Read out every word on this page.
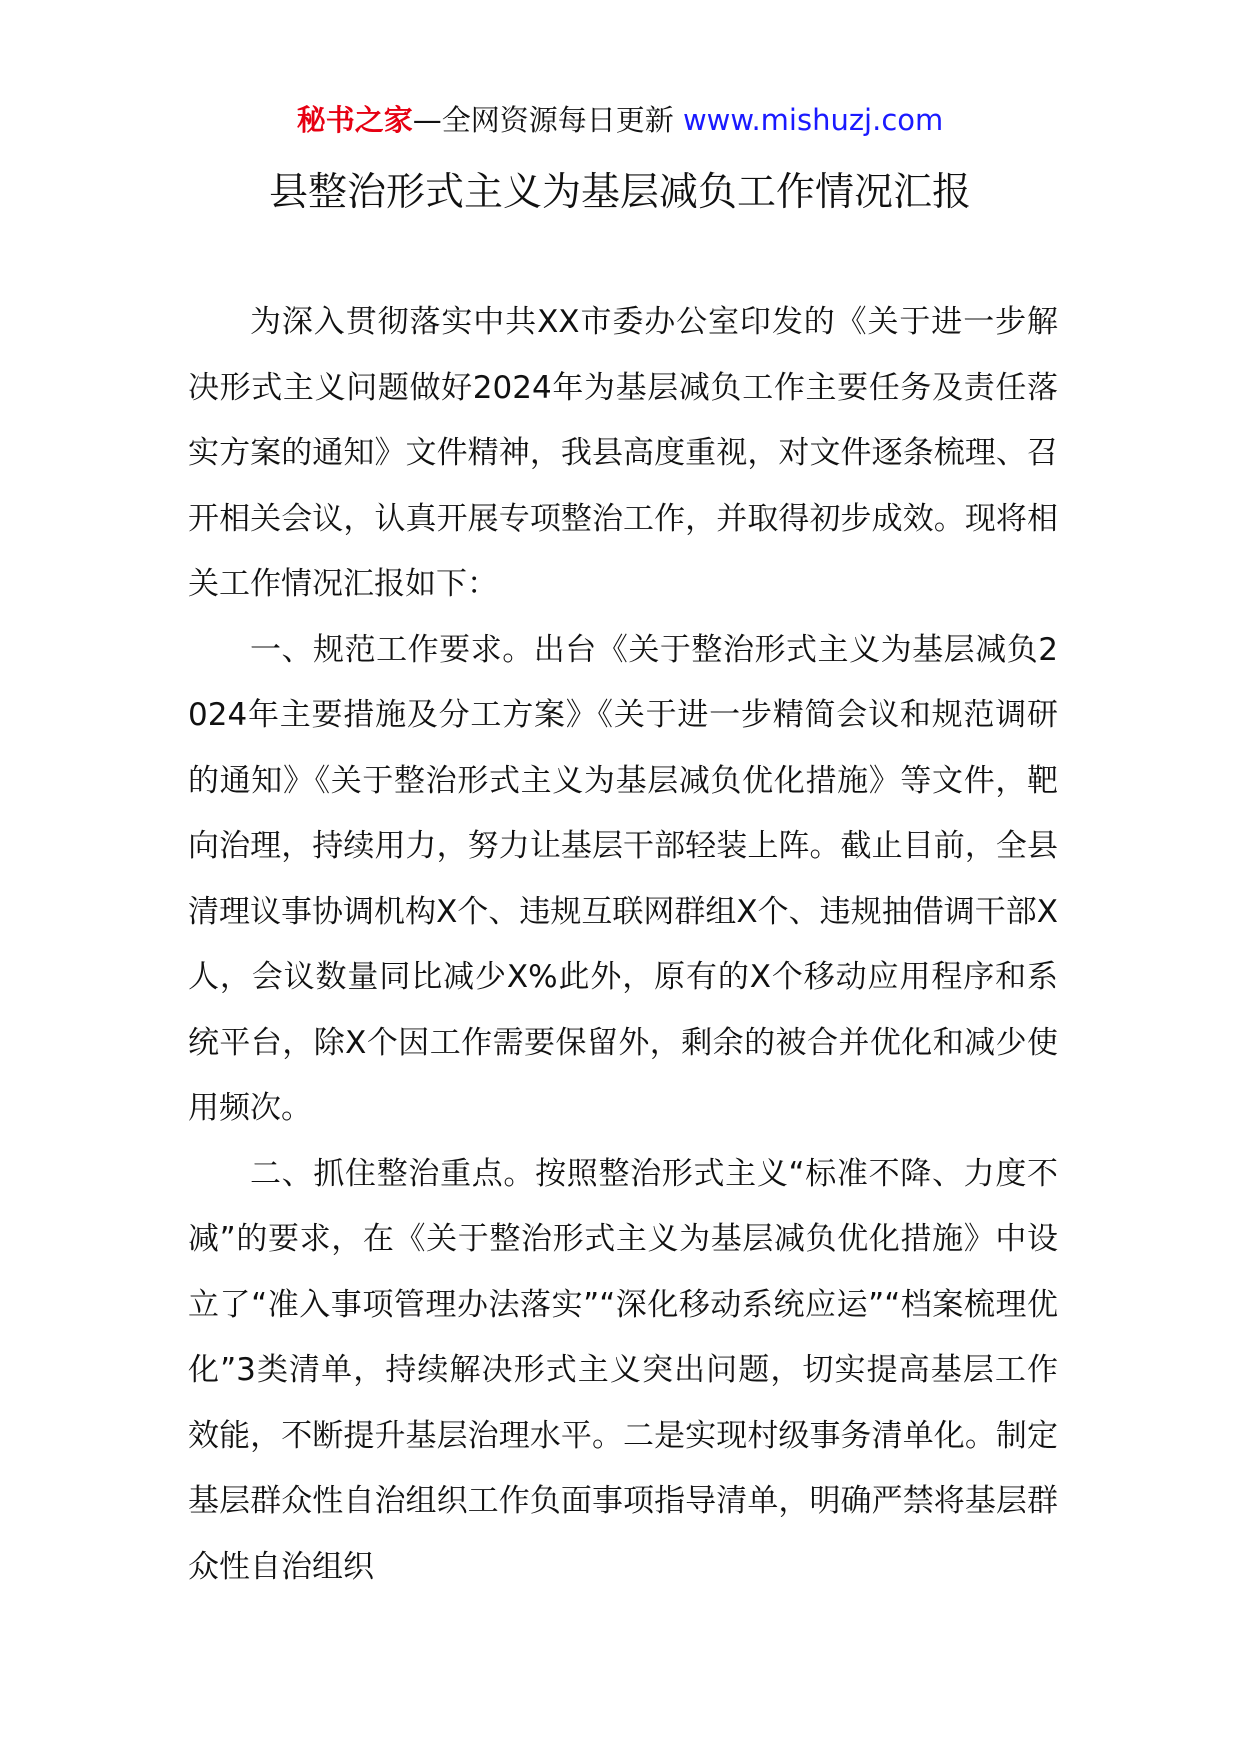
秘书之家—全网资源每日更新 www.mishuzj.com
县整治形式主义为基层减负工作情况汇报

为深入贯彻落实中共XX市委办公室印发的《关于进一步解决形式主义问题做好2024年为基层减负工作主要任务及责任落实方案的通知》文件精神，我县高度重视，对文件逐条梳理、召开相关会议，认真开展专项整治工作，并取得初步成效。现将相关工作情况汇报如下：

一、规范工作要求。出台《关于整治形式主义为基层减负2024年主要措施及分工方案》《关于进一步精简会议和规范调研的通知》《关于整治形式主义为基层减负优化措施》等文件，靶向治理，持续用力，努力让基层干部轻装上阵。截止目前，全县清理议事协调机构X个、违规互联网群组X个、违规抽借调干部X人，会议数量同比减少X%此外，原有的X个移动应用程序和系统平台，除X个因工作需要保留外，剩余的被合并优化和减少使用频次。

二、抓住整治重点。按照整治形式主义“标准不降、力度不减”的要求，在《关于整治形式主义为基层减负优化措施》中设立了“准入事项管理办法落实”“深化移动系统应运”“档案梳理优化”3类清单，持续解决形式主义突出问题，切实提高基层工作效能，不断提升基层治理水平。二是实现村级事务清单化。制定基层群众性自治组织工作负面事项指导清单，明确严禁将基层群众性自治组织
